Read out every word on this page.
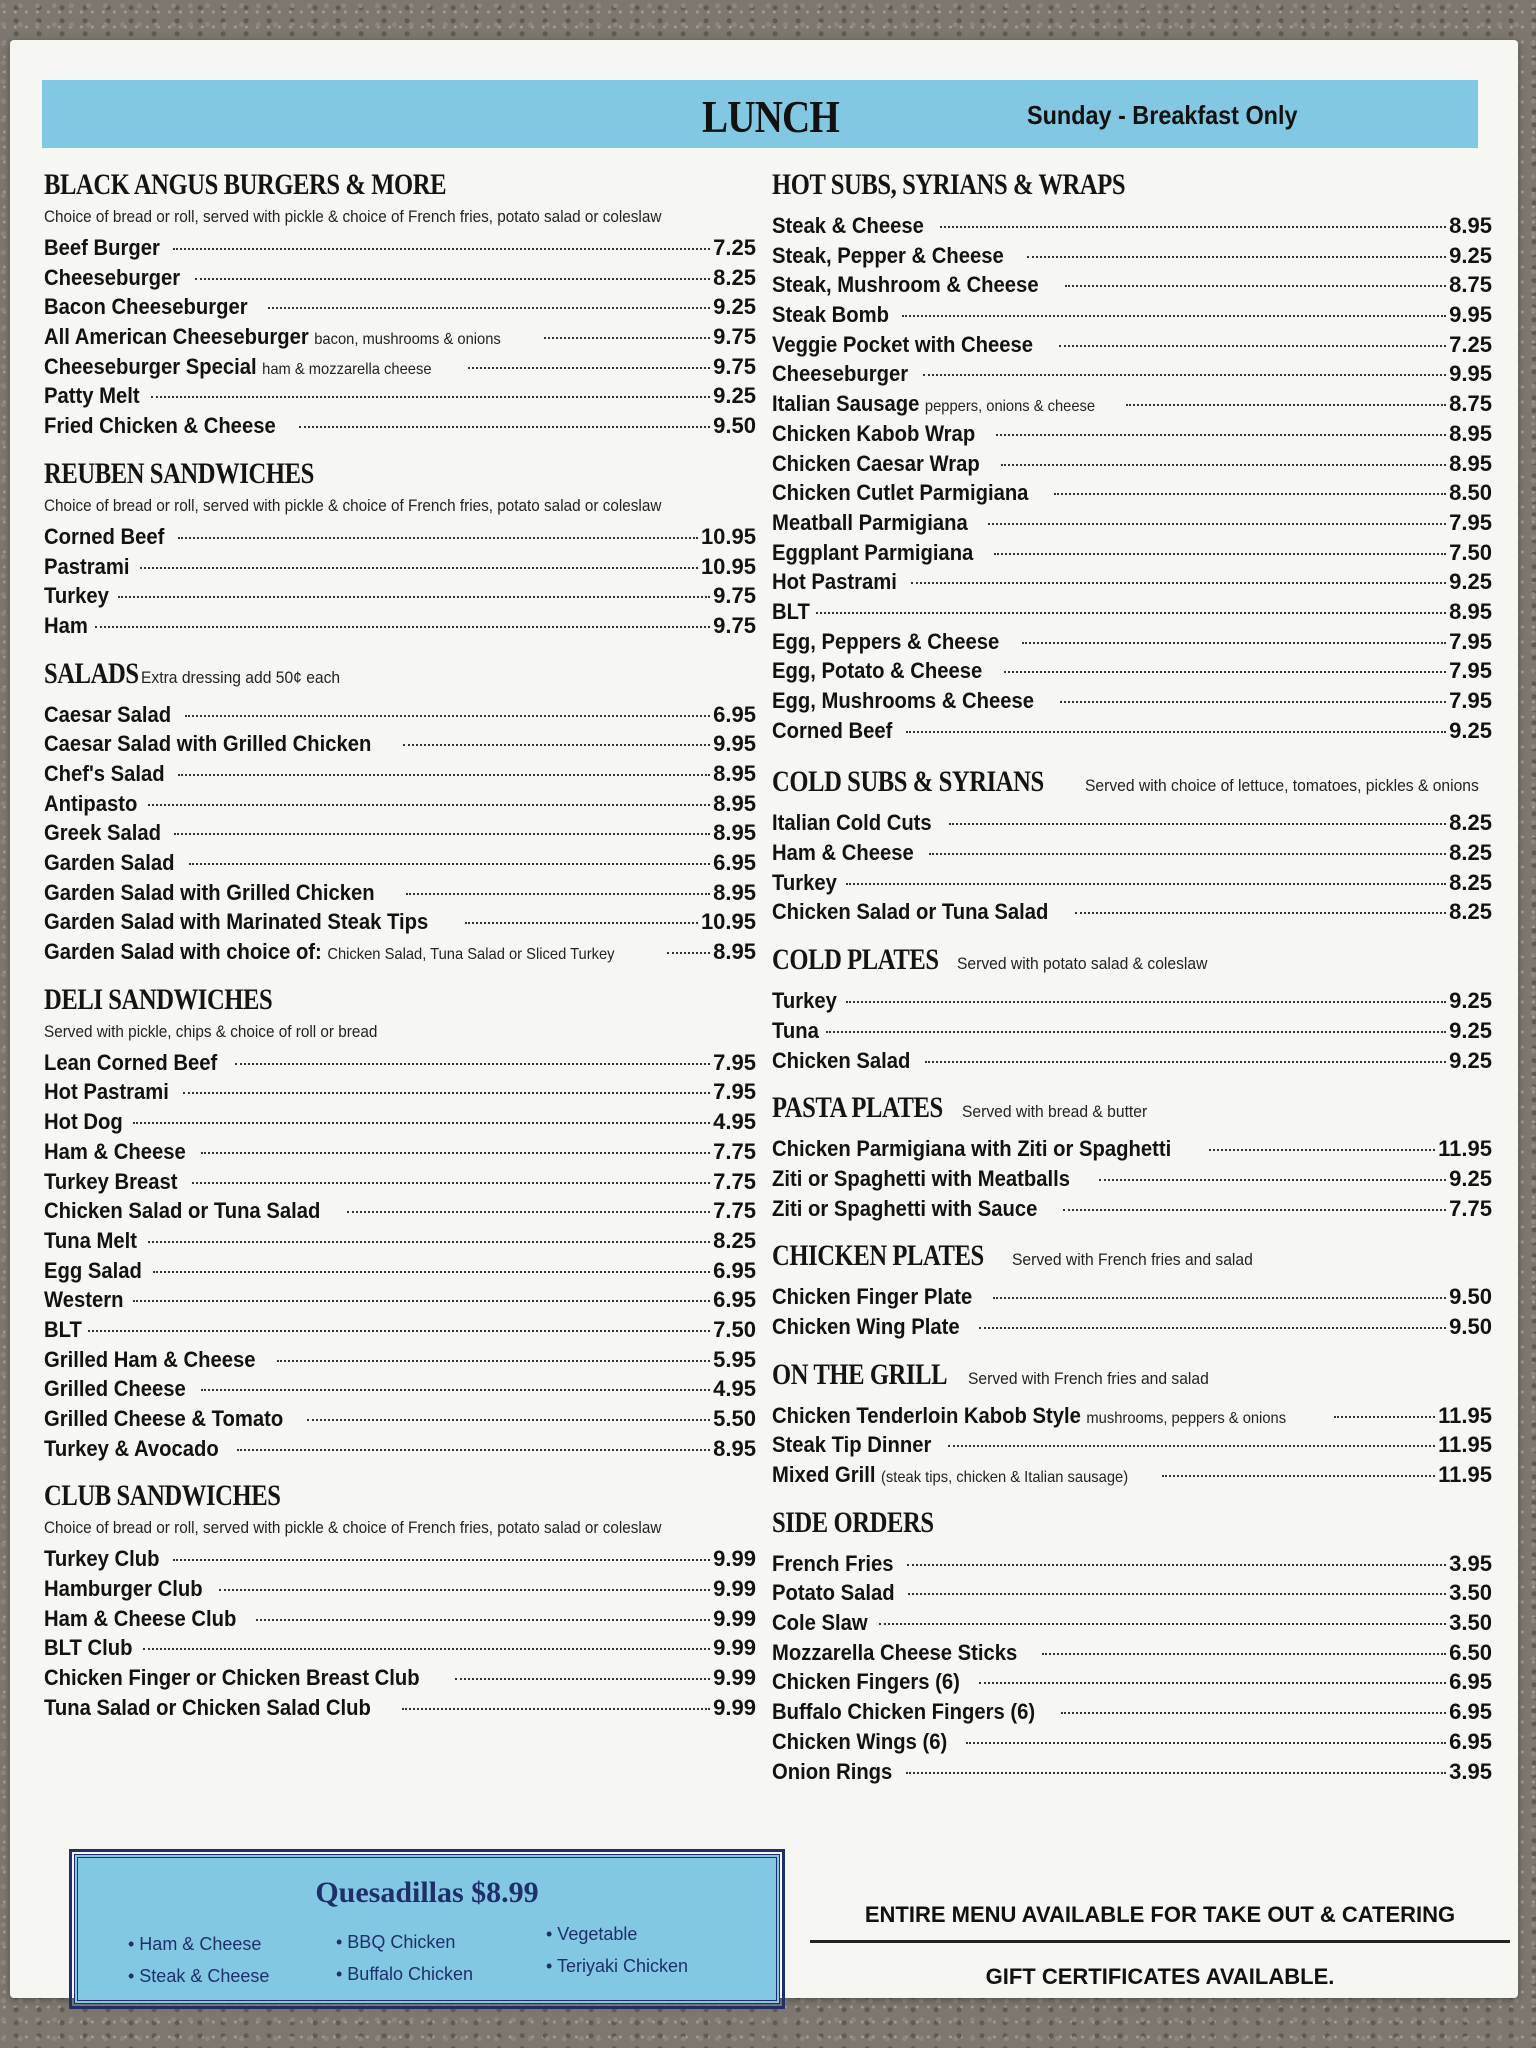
LUNCH	Sunday - Breakfast Only
BLACK ANGUS BURGERS & MORE
Choice of bread or roll, served with pickle & choice of French fries, potato salad or coleslaw
Beef Burger	7.25
Cheeseburger	8.25
Bacon Cheeseburger	9.25
All American Cheeseburger bacon, mushrooms & onions	9.75
Cheeseburger Special ham & mozzarella cheese	9.75
Patty Melt	9.25
Fried Chicken & Cheese	9.50
REUBEN SANDWICHES
Choice of bread or roll, served with pickle & choice of French fries, potato salad or coleslaw
Corned Beef	10.95
Pastrami	10.95
Turkey	9.75
Ham	9.75
SALADS Extra dressing add 50¢ each
Caesar Salad	6.95
Caesar Salad with Grilled Chicken	9.95
Chef's Salad	8.95
Antipasto	8.95
Greek Salad	8.95
Garden Salad	6.95
Garden Salad with Grilled Chicken	8.95
Garden Salad with Marinated Steak Tips	10.95
Garden Salad with choice of: Chicken Salad, Tuna Salad or Sliced Turkey	8.95
DELI SANDWICHES
Served with pickle, chips & choice of roll or bread
Lean Corned Beef	7.95
Hot Pastrami	7.95
Hot Dog	4.95
Ham & Cheese	7.75
Turkey Breast	7.75
Chicken Salad or Tuna Salad	7.75
Tuna Melt	8.25
Egg Salad	6.95
Western	6.95
BLT	7.50
Grilled Ham & Cheese	5.95
Grilled Cheese	4.95
Grilled Cheese & Tomato	5.50
Turkey & Avocado	8.95
CLUB SANDWICHES
Choice of bread or roll, served with pickle & choice of French fries, potato salad or coleslaw
Turkey Club	9.99
Hamburger Club	9.99
Ham & Cheese Club	9.99
BLT Club	9.99
Chicken Finger or Chicken Breast Club	9.99
Tuna Salad or Chicken Salad Club	9.99
HOT SUBS, SYRIANS & WRAPS
Steak & Cheese	8.95
Steak, Pepper & Cheese	9.25
Steak, Mushroom & Cheese	8.75
Steak Bomb	9.95
Veggie Pocket with Cheese	7.25
Cheeseburger	9.95
Italian Sausage peppers, onions & cheese	8.75
Chicken Kabob Wrap	8.95
Chicken Caesar Wrap	8.95
Chicken Cutlet Parmigiana	8.50
Meatball Parmigiana	7.95
Eggplant Parmigiana	7.50
Hot Pastrami	9.25
BLT	8.95
Egg, Peppers & Cheese	7.95
Egg, Potato & Cheese	7.95
Egg, Mushrooms & Cheese	7.95
Corned Beef	9.25
COLD SUBS & SYRIANS Served with choice of lettuce, tomatoes, pickles & onions
Italian Cold Cuts	8.25
Ham & Cheese	8.25
Turkey	8.25
Chicken Salad or Tuna Salad	8.25
COLD PLATES Served with potato salad & coleslaw
Turkey	9.25
Tuna	9.25
Chicken Salad	9.25
PASTA PLATES Served with bread & butter
Chicken Parmigiana with Ziti or Spaghetti	11.95
Ziti or Spaghetti with Meatballs	9.25
Ziti or Spaghetti with Sauce	7.75
CHICKEN PLATES Served with French fries and salad
Chicken Finger Plate	9.50
Chicken Wing Plate	9.50
ON THE GRILL Served with French fries and salad
Chicken Tenderloin Kabob Style mushrooms, peppers & onions	11.95
Steak Tip Dinner	11.95
Mixed Grill (steak tips, chicken & Italian sausage)	11.95
SIDE ORDERS
French Fries	3.95
Potato Salad	3.50
Cole Slaw	3.50
Mozzarella Cheese Sticks	6.50
Chicken Fingers (6)	6.95
Buffalo Chicken Fingers (6)	6.95
Chicken Wings (6)	6.95
Onion Rings	3.95
Quesadillas $8.99
• Ham & Cheese
• Steak & Cheese
• BBQ Chicken
• Buffalo Chicken
• Vegetable
• Teriyaki Chicken
ENTIRE MENU AVAILABLE FOR TAKE OUT & CATERING
GIFT CERTIFICATES AVAILABLE.
